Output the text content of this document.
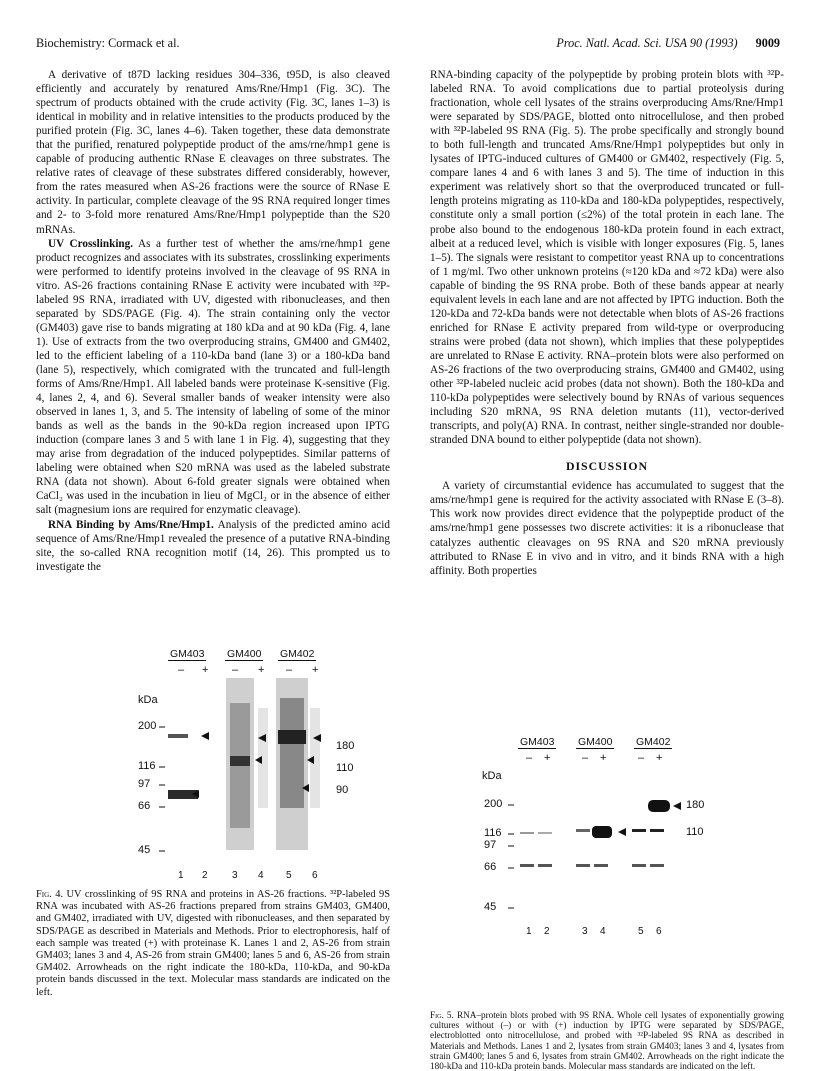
Biochemistry: Cormack et al.	Proc. Natl. Acad. Sci. USA 90 (1993) 9009

A derivative of t87D lacking residues 304–336, t95D, is also cleaved efficiently and accurately by renatured Ams/Rne/Hmp1 (Fig. 3C). The spectrum of products obtained with the crude activity (Fig. 3C, lanes 1–3) is identical in mobility and in relative intensities to the products produced by the purified protein (Fig. 3C, lanes 4–6). Taken together, these data demonstrate that the purified, renatured polypeptide product of the ams/rne/hmp1 gene is capable of producing authentic RNase E cleavages on three substrates. The relative rates of cleavage of these substrates differed considerably, however, from the rates measured when AS-26 fractions were the source of RNase E activity. In particular, complete cleavage of the 9S RNA required longer times and 2- to 3-fold more renatured Ams/Rne/Hmp1 polypeptide than the S20 mRNAs.

UV Crosslinking. As a further test of whether the ams/rne/hmp1 gene product recognizes and associates with its substrates, crosslinking experiments were performed to identify proteins involved in the cleavage of 9S RNA in vitro. AS-26 fractions containing RNase E activity were incubated with ³²P-labeled 9S RNA, irradiated with UV, digested with ribonucleases, and then separated by SDS/PAGE (Fig. 4). The strain containing only the vector (GM403) gave rise to bands migrating at 180 kDa and at 90 kDa (Fig. 4, lane 1). Use of extracts from the two overproducing strains, GM400 and GM402, led to the efficient labeling of a 110-kDa band (lane 3) or a 180-kDa band (lane 5), respectively, which comigrated with the truncated and full-length forms of Ams/Rne/Hmp1. All labeled bands were proteinase K-sensitive (Fig. 4, lanes 2, 4, and 6). Several smaller bands of weaker intensity were also observed in lanes 1, 3, and 5. The intensity of labeling of some of the minor bands as well as the bands in the 90-kDa region increased upon IPTG induction (compare lanes 3 and 5 with lane 1 in Fig. 4), suggesting that they may arise from degradation of the induced polypeptides. Similar patterns of labeling were obtained when S20 mRNA was used as the labeled substrate RNA (data not shown). About 6-fold greater signals were obtained when CaCl₂ was used in the incubation in lieu of MgCl₂ or in the absence of either salt (magnesium ions are required for enzymatic cleavage).

RNA Binding by Ams/Rne/Hmp1. Analysis of the predicted amino acid sequence of Ams/Rne/Hmp1 revealed the presence of a putative RNA-binding site, the so-called RNA recognition motif (14, 26). This prompted us to investigate the

RNA-binding capacity of the polypeptide by probing protein blots with ³²P-labeled RNA. To avoid complications due to partial proteolysis during fractionation, whole cell lysates of the strains overproducing Ams/Rne/Hmp1 were separated by SDS/PAGE, blotted onto nitrocellulose, and then probed with ³²P-labeled 9S RNA (Fig. 5). The probe specifically and strongly bound to both full-length and truncated Ams/Rne/Hmp1 polypeptides but only in lysates of IPTG-induced cultures of GM400 or GM402, respectively (Fig. 5, compare lanes 4 and 6 with lanes 3 and 5). The time of induction in this experiment was relatively short so that the overproduced truncated or full-length proteins migrating as 110-kDa and 180-kDa polypeptides, respectively, constitute only a small portion (≤2%) of the total protein in each lane. The probe also bound to the endogenous 180-kDa protein found in each extract, albeit at a reduced level, which is visible with longer exposures (Fig. 5, lanes 1–5). The signals were resistant to competitor yeast RNA up to concentrations of 1 mg/ml. Two other unknown proteins (≈120 kDa and ≈72 kDa) were also capable of binding the 9S RNA probe. Both of these bands appear at nearly equivalent levels in each lane and are not affected by IPTG induction. Both the 120-kDa and 72-kDa bands were not detectable when blots of AS-26 fractions enriched for RNase E activity prepared from wild-type or overproducing strains were probed (data not shown), which implies that these polypeptides are unrelated to RNase E activity. RNA–protein blots were also performed on AS-26 fractions of the two overproducing strains, GM400 and GM402, using other ³²P-labeled nucleic acid probes (data not shown). Both the 180-kDa and 110-kDa polypeptides were selectively bound by RNAs of various sequences including S20 mRNA, 9S RNA deletion mutants (11), vector-derived transcripts, and poly(A) RNA. In contrast, neither single-stranded nor double-stranded DNA bound to either polypeptide (data not shown).

DISCUSSION

A variety of circumstantial evidence has accumulated to suggest that the ams/rne/hmp1 gene is required for the activity associated with RNase E (3–8). This work now provides direct evidence that the polypeptide product of the ams/rne/hmp1 gene possesses two discrete activities: it is a ribonuclease that catalyzes authentic cleavages on 9S RNA and S20 mRNA previously attributed to RNase E in vivo and in vitro, and it binds RNA with a high affinity. Both properties

GM403 GM400 GM402
– + – + – +
kDa
200
116
97
66
45
180
110
90
1 2 3 4 5 6
Fig. 4. UV crosslinking of 9S RNA and proteins in AS-26 fractions. ³²P-labeled 9S RNA was incubated with AS-26 fractions prepared from strains GM403, GM400, and GM402, irradiated with UV, digested with ribonucleases, and then separated by SDS/PAGE as described in Materials and Methods. Prior to electrophoresis, half of each sample was treated (+) with proteinase K. Lanes 1 and 2, AS-26 from strain GM403; lanes 3 and 4, AS-26 from strain GM400; lanes 5 and 6, AS-26 from strain GM402. Arrowheads on the right indicate the 180-kDa, 110-kDa, and 90-kDa protein bands discussed in the text. Molecular mass standards are indicated on the left.
GM403 GM400 GM402
– +	– +	– +
kDa
200
116
97
66
45
180
110
1 2	3 4	5 6
Fig. 5. RNA–protein blots probed with 9S RNA. Whole cell lysates of exponentially growing cultures without (–) or with (+) induction by IPTG were separated by SDS/PAGE, electroblotted onto nitrocellulose, and probed with ³²P-labeled 9S RNA as described in Materials and Methods. Lanes 1 and 2, lysates from strain GM403; lanes 3 and 4, lysates from strain GM400; lanes 5 and 6, lysates from strain GM402. Arrowheads on the right indicate the 180-kDa and 110-kDa protein bands. Molecular mass standards are indicated on the left.
